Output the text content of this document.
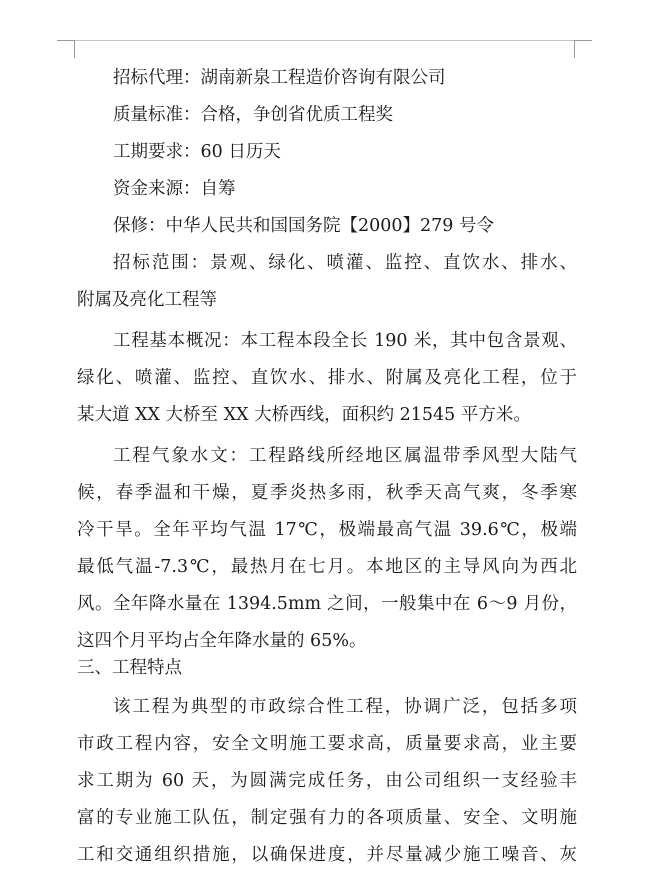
招标代理：湖南新泉工程造价咨询有限公司

质量标准：合格，争创省优质工程奖

工期要求：60 日历天

资金来源：自筹

保修：中华人民共和国国务院【2000】279 号令

招标范围：景观、绿化、喷灌、监控、直饮水、排水、

附属及亮化工程等

工程基本概况：本工程本段全长 190 米，其中包含景观、

绿化、喷灌、监控、直饮水、排水、附属及亮化工程，位于

某大道 XX 大桥至 XX 大桥西线，面积约 21545 平方米。

工程气象水文：工程路线所经地区属温带季风型大陆气

候，春季温和干燥，夏季炎热多雨，秋季天高气爽，冬季寒

冷干旱。全年平均气温 17℃，极端最高气温 39.6℃，极端

最低气温-7.3℃，最热月在七月。本地区的主导风向为西北

风。全年降水量在 1394.5mm 之间，一般集中在 6～9 月份，

这四个月平均占全年降水量的 65%。

三、工程特点

该工程为典型的市政综合性工程，协调广泛，包括多项

市政工程内容，安全文明施工要求高，质量要求高，业主要

求工期为 60 天，为圆满完成任务，由公司组织一支经验丰

富的专业施工队伍，制定强有力的各项质量、安全、文明施

工和交通组织措施，以确保进度，并尽量减少施工噪音、灰
